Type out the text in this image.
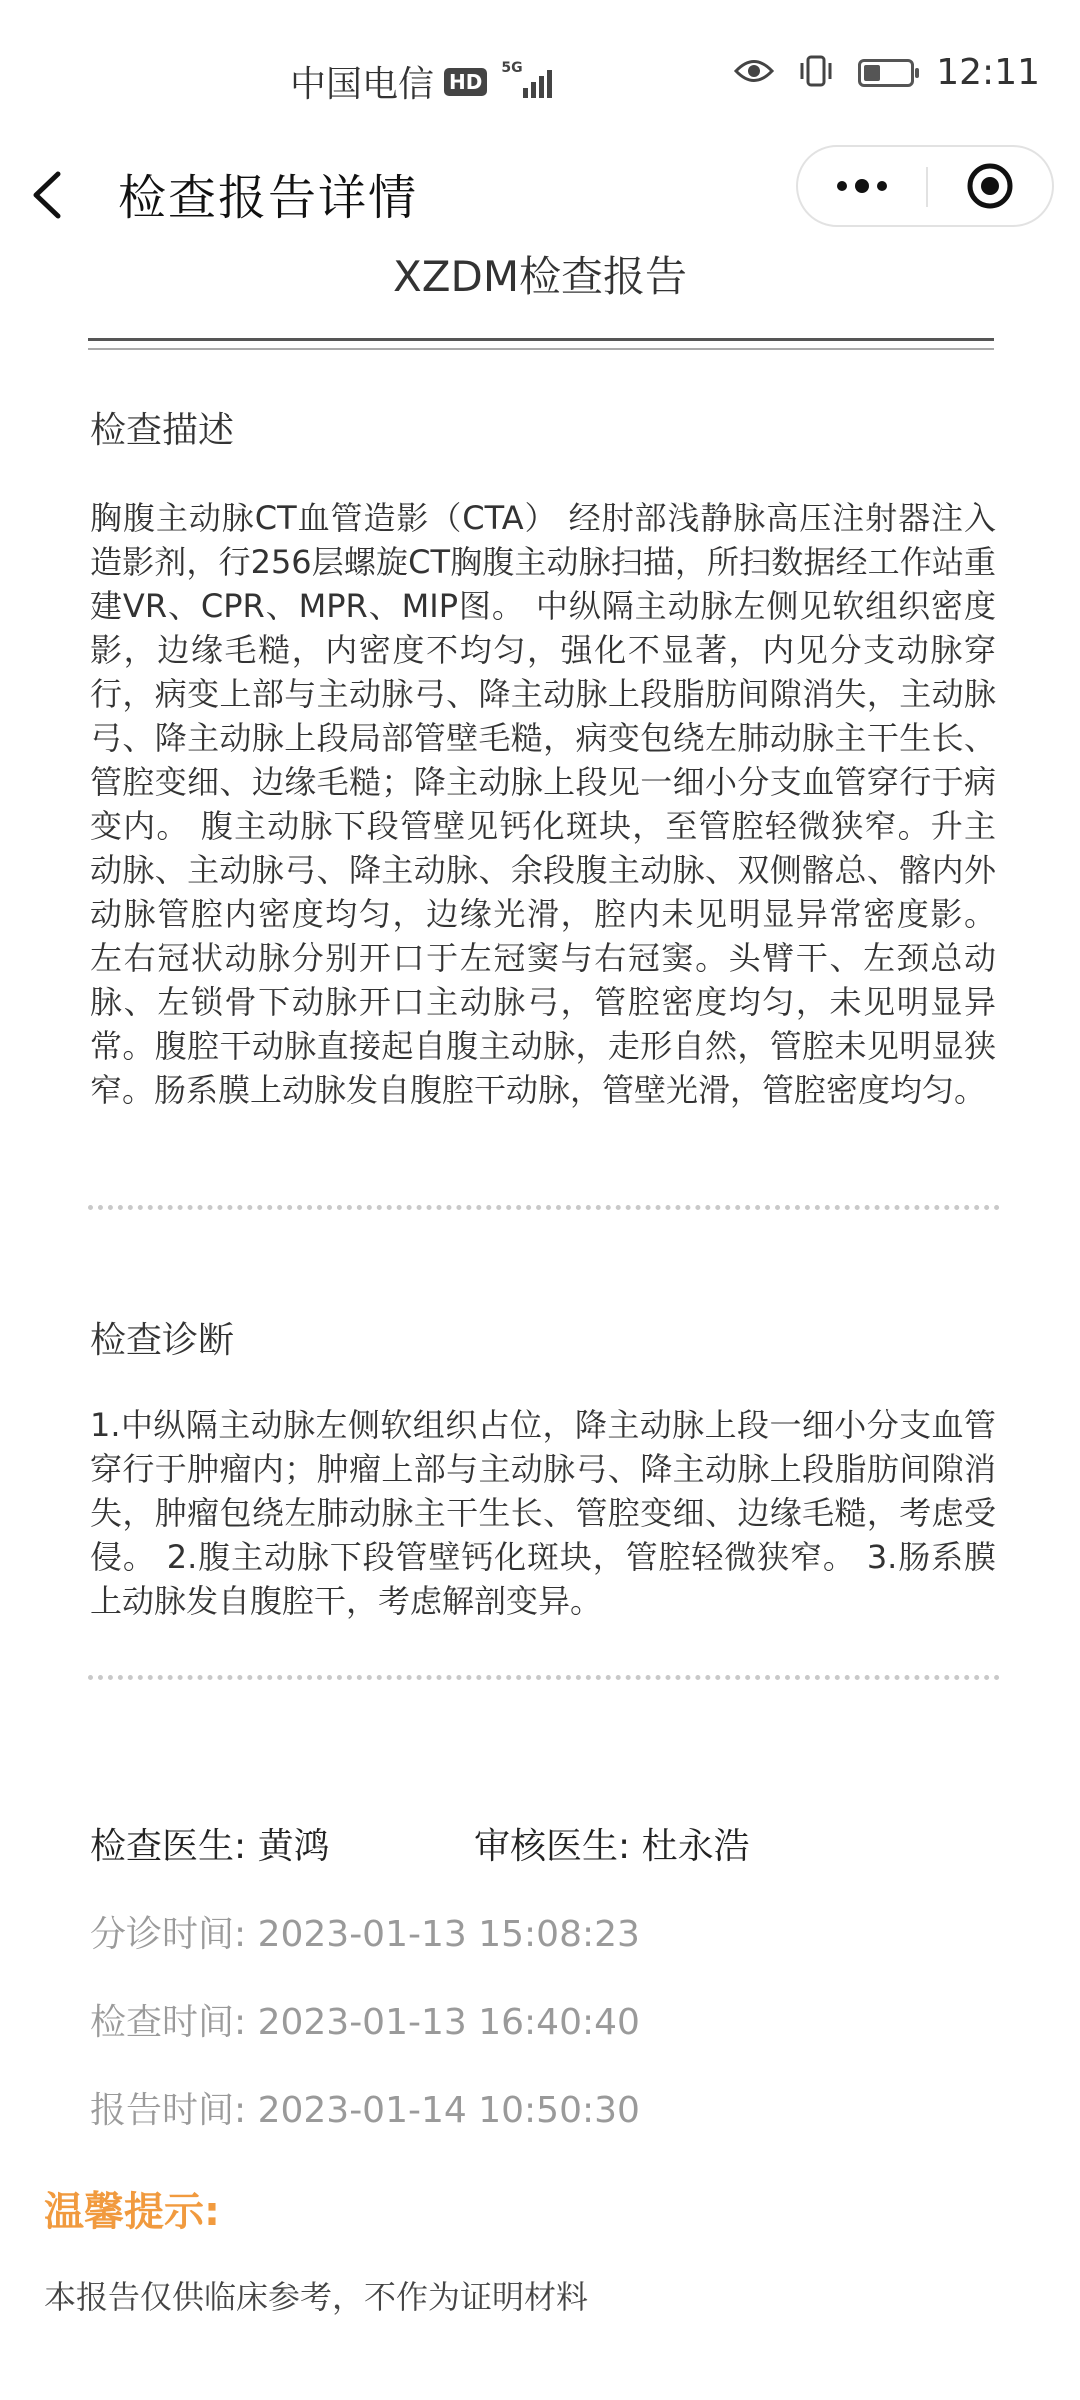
中国电信 HD
5G	12:11
检查报告详情
XZDM检查报告
检查描述
胸腹主动脉CT血管造影（CTA） 经肘部浅静脉高压注射器注入造影剂，行256层螺旋CT胸腹主动脉扫描，所扫数据经工作站重建VR、CPR、MPR、MIP图。 中纵隔主动脉左侧见软组织密度影，边缘毛糙，内密度不均匀，强化不显著，内见分支动脉穿行，病变上部与主动脉弓、降主动脉上段脂肪间隙消失，主动脉弓、降主动脉上段局部管壁毛糙，病变包绕左肺动脉主干生长、管腔变细、边缘毛糙；降主动脉上段见一细小分支血管穿行于病变内。 腹主动脉下段管壁见钙化斑块，至管腔轻微狭窄。升主动脉、主动脉弓、降主动脉、余段腹主动脉、双侧髂总、髂内外动脉管腔内密度均匀，边缘光滑，腔内未见明显异常密度影。 左右冠状动脉分别开口于左冠窦与右冠窦。头臂干、左颈总动脉、左锁骨下动脉开口主动脉弓，管腔密度均匀，未见明显异常。腹腔干动脉直接起自腹主动脉，走形自然，管腔未见明显狭窄。肠系膜上动脉发自腹腔干动脉，管壁光滑，管腔密度均匀。
检查诊断
1.中纵隔主动脉左侧软组织占位，降主动脉上段一细小分支血管穿行于肿瘤内；肿瘤上部与主动脉弓、降主动脉上段脂肪间隙消失，肿瘤包绕左肺动脉主干生长、管腔变细、边缘毛糙，考虑受侵。 2.腹主动脉下段管壁钙化斑块，管腔轻微狭窄。 3.肠系膜上动脉发自腹腔干，考虑解剖变异。
检查医生: 黄鸿	审核医生: 杜永浩
分诊时间: 2023-01-13 15:08:23
检查时间: 2023-01-13 16:40:40
报告时间: 2023-01-14 10:50:30
温馨提示:
本报告仅供临床参考，不作为证明材料
